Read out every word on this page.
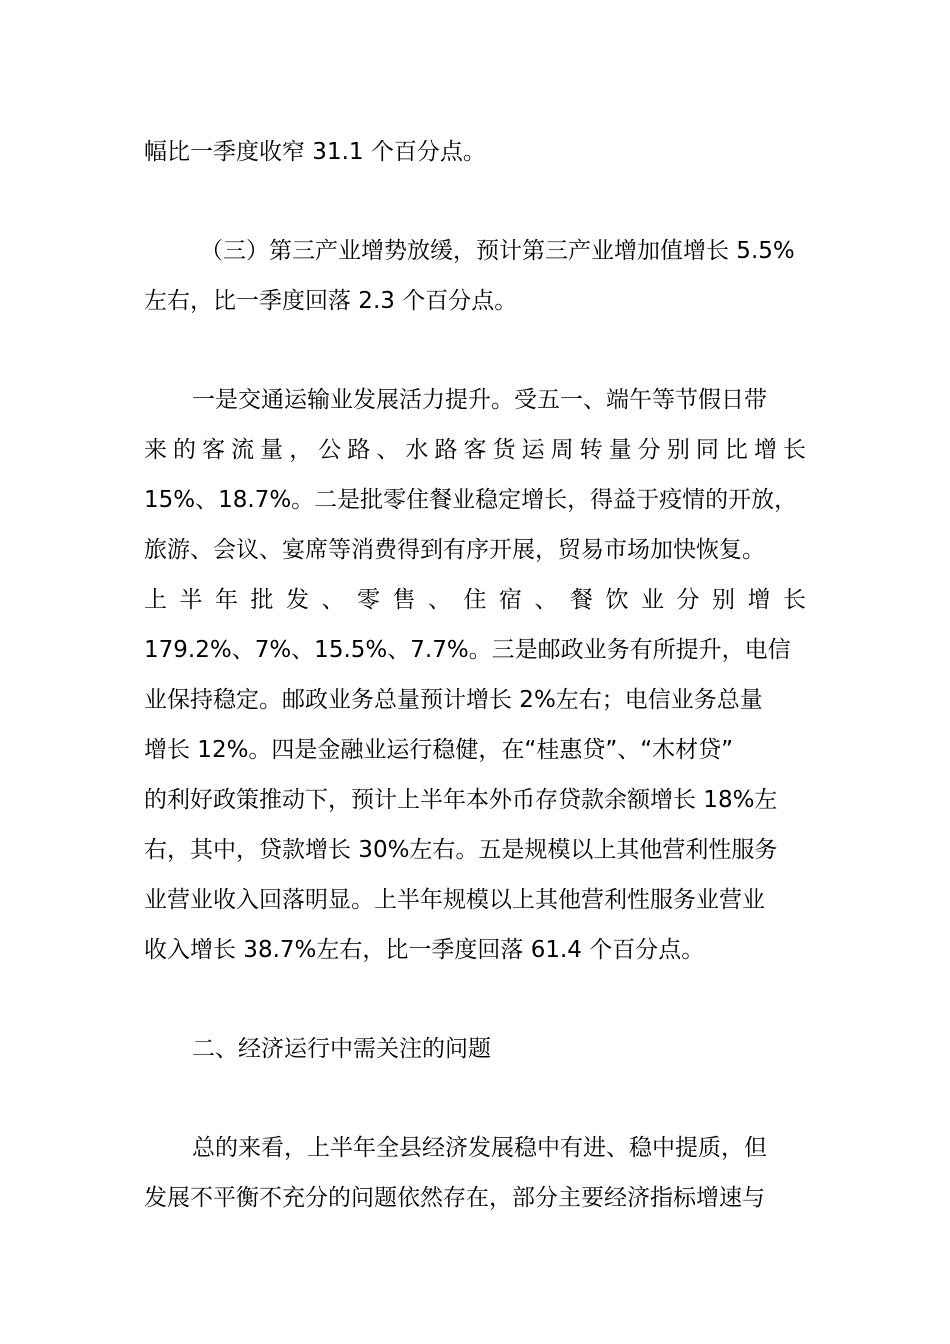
幅比一季度收窄 31.1 个百分点。
（三）第三产业增势放缓，预计第三产业增加值增长 5.5%
左右，比一季度回落 2.3 个百分点。
一是交通运输业发展活力提升。受五一、端午等节假日带
来的客流量，公路、水路客货运周转量分别同比增长
15%、18.7%。二是批零住餐业稳定增长，得益于疫情的开放，
旅游、会议、宴席等消费得到有序开展，贸易市场加快恢复。
上半年批发、零售、住宿、餐饮业分别增长
179.2%、7%、15.5%、7.7%。三是邮政业务有所提升，电信
业保持稳定。邮政业务总量预计增长 2%左右；电信业务总量
增长 12%。四是金融业运行稳健，在“桂惠贷”、“木材贷”
的利好政策推动下，预计上半年本外币存贷款余额增长 18%左
右，其中，贷款增长 30%左右。五是规模以上其他营利性服务
业营业收入回落明显。上半年规模以上其他营利性服务业营业
收入增长 38.7%左右，比一季度回落 61.4 个百分点。
二、经济运行中需关注的问题
总的来看，上半年全县经济发展稳中有进、稳中提质，但
发展不平衡不充分的问题依然存在，部分主要经济指标增速与
